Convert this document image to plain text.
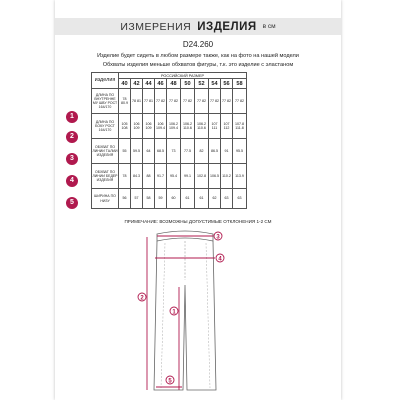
ИЗМЕРЕНИЯ ИЗДЕЛИЯ в см
D24.260
Изделие будет сидеть в любом размере также, как на фото на нашей модели
Обхваты изделия меньше обхватов фигуры, т.к. это изделие с эластаном
изделия	РОССИЙСКИЙ РАЗМЕР									
	40	42	44	46	48	50	52	54	56	58
ДЛИНА ПО ВНУТРЕННЕ МУ ШВУ РОСТ 164/170	78 80.9	78 81	77 81	77 82	77 82	77 82	77 82	77 82	77 82	77 82
ДЛИНА ПО БОКУ РОСТ 164/170	105 108	106 109	106 109	106 109.4	106.2 109.4	106.2 110.6	106.2 110.6	107 111	107 112	107.8 111.8
ОБХВАТ ПО ЛИНИИ ТАЛИИ ИЗДЕЛИЯ	55	59.5	64	68.5	73	77.5	82	86.5	91	95.5
ОБХВАТ ПО ЛИНИИ БЕДЕР ИЗДЕЛИЯ	78	84.3	88	91.7	95.4	99.1	102.8	106.5	110.2	113.9
ШИРИНА ПО НИЗУ	56	57	58	59	60	61	61	62	63	63
1
2
3
4
5
ПРИМЕЧАНИЕ: ВОЗМОЖНЫ ДОПУСТИМЫЕ ОТКЛОНЕНИЯ 1-2 СМ
3
4
2
1
5
